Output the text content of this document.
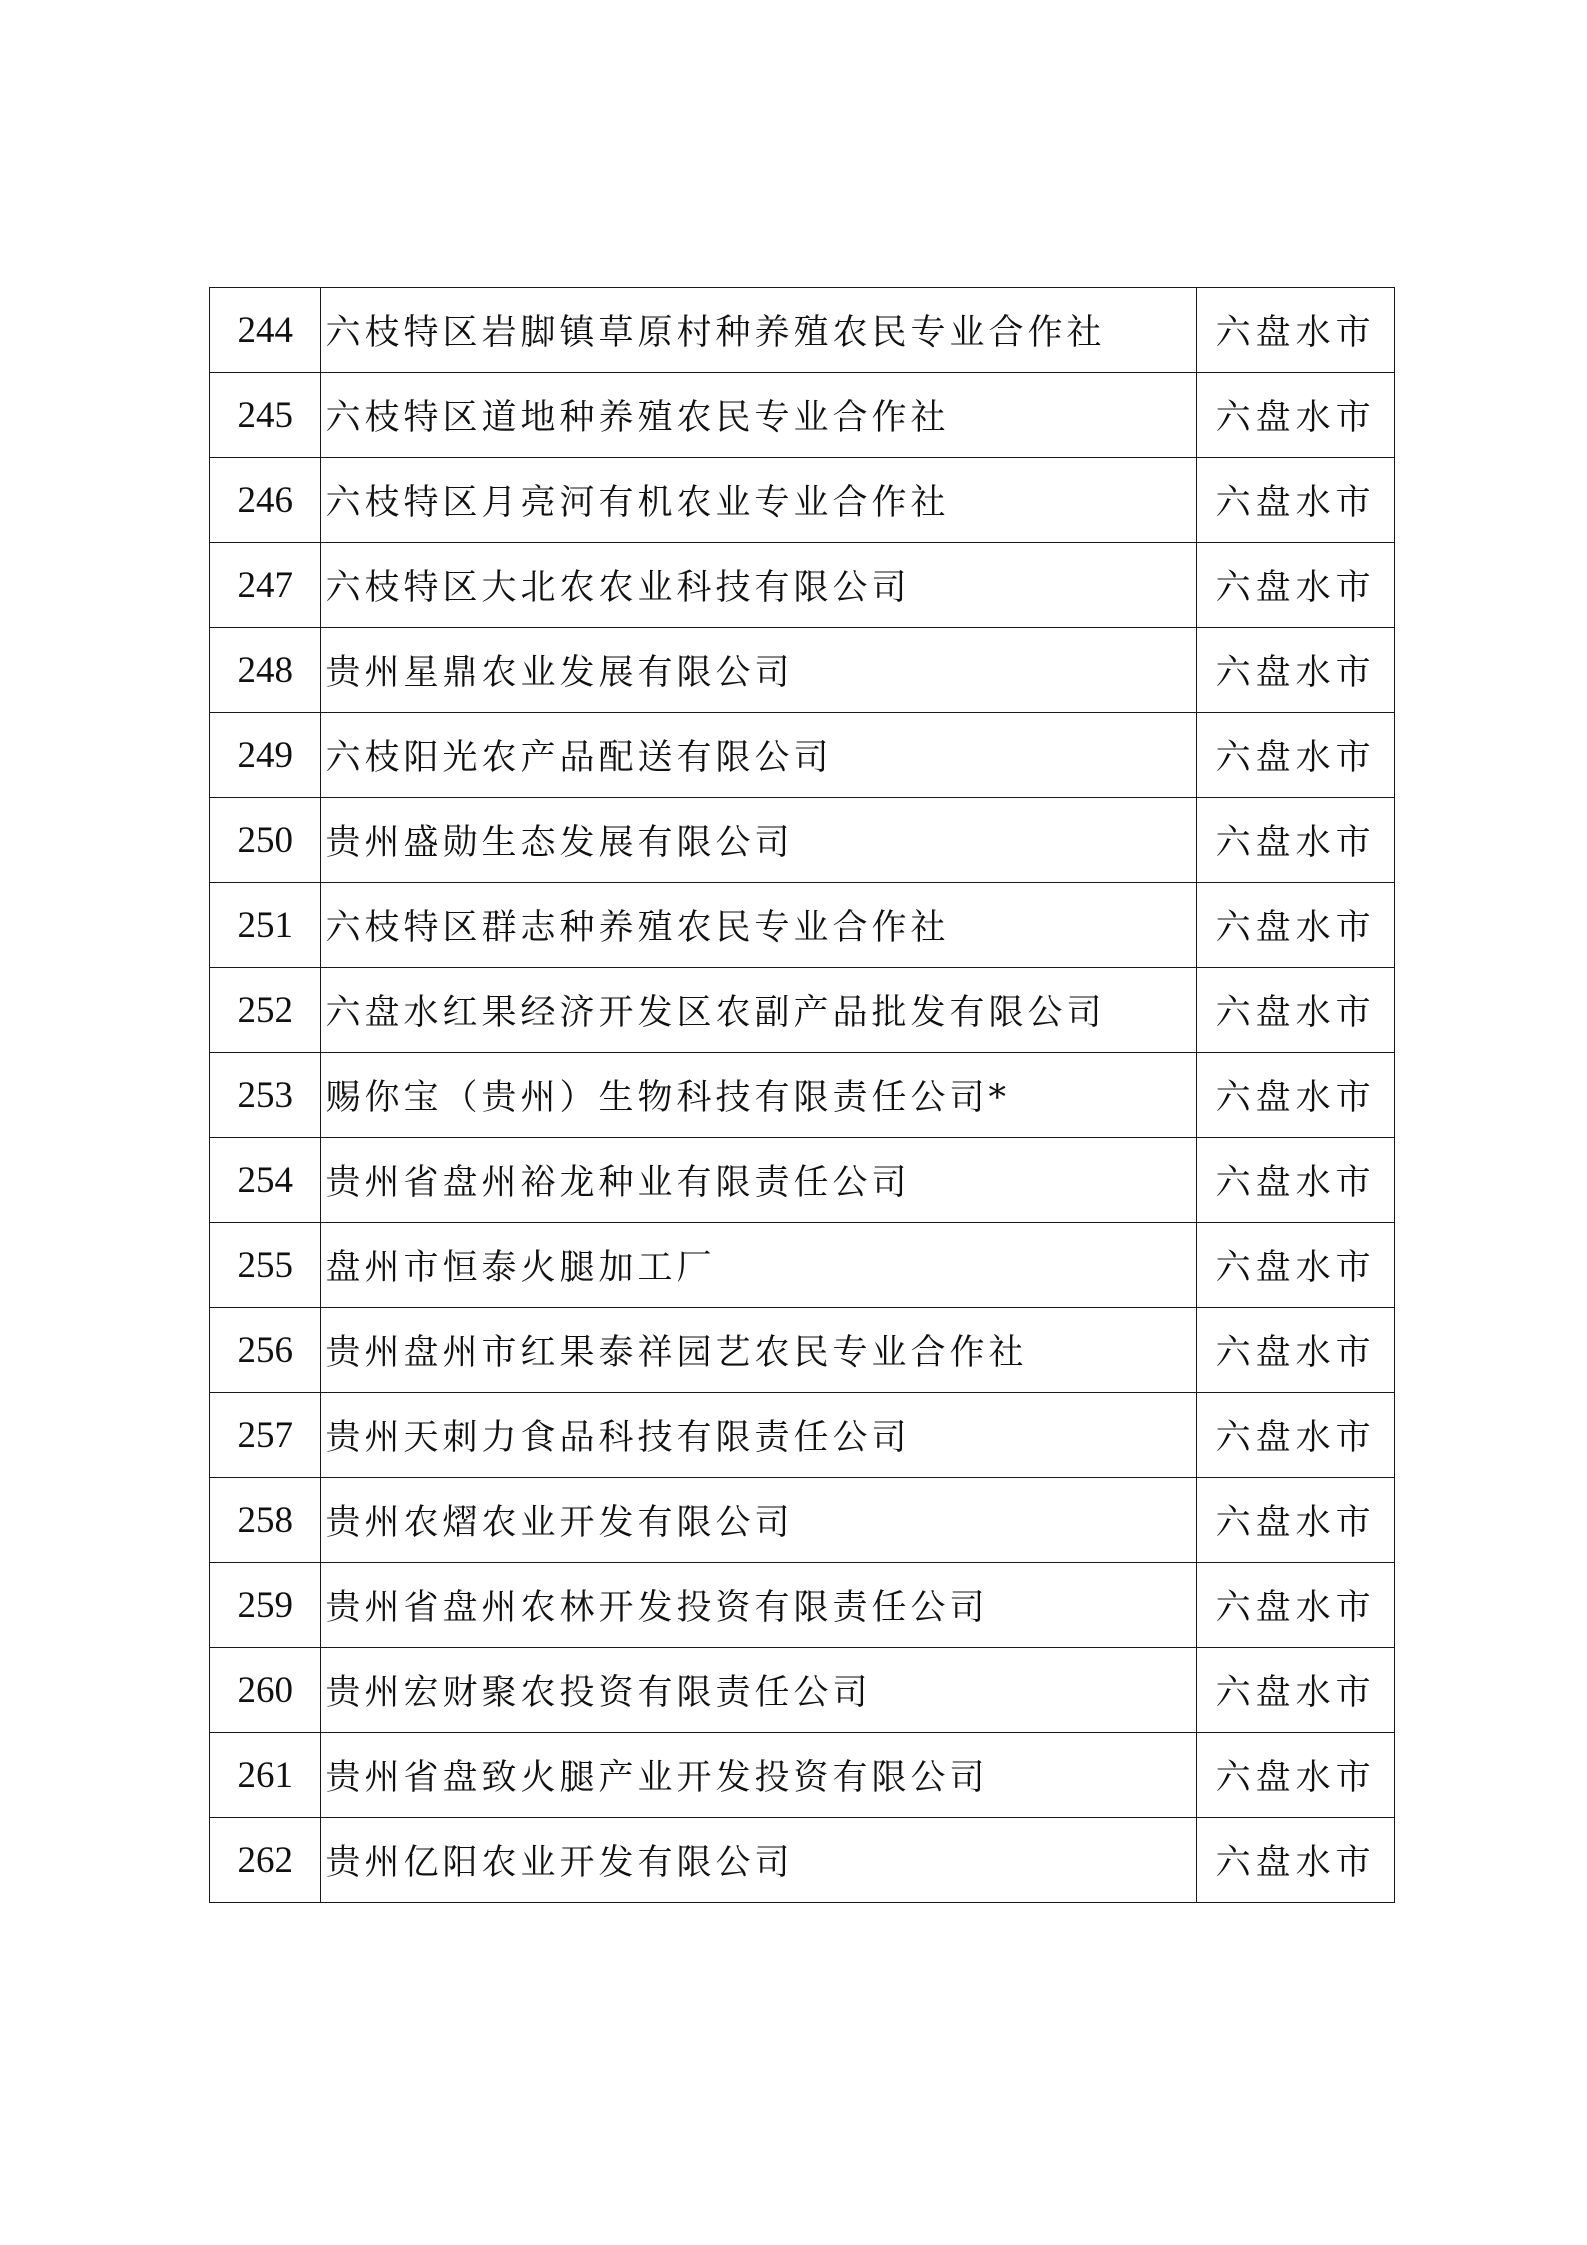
244	六枝特区岩脚镇草原村种养殖农民专业合作社	六盘水市
245	六枝特区道地种养殖农民专业合作社	六盘水市
246	六枝特区月亮河有机农业专业合作社	六盘水市
247	六枝特区大北农农业科技有限公司	六盘水市
248	贵州星鼎农业发展有限公司	六盘水市
249	六枝阳光农产品配送有限公司	六盘水市
250	贵州盛勋生态发展有限公司	六盘水市
251	六枝特区群志种养殖农民专业合作社	六盘水市
252	六盘水红果经济开发区农副产品批发有限公司	六盘水市
253	赐你宝（贵州）生物科技有限责任公司*	六盘水市
254	贵州省盘州裕龙种业有限责任公司	六盘水市
255	盘州市恒泰火腿加工厂	六盘水市
256	贵州盘州市红果泰祥园艺农民专业合作社	六盘水市
257	贵州天刺力食品科技有限责任公司	六盘水市
258	贵州农熠农业开发有限公司	六盘水市
259	贵州省盘州农林开发投资有限责任公司	六盘水市
260	贵州宏财聚农投资有限责任公司	六盘水市
261	贵州省盘致火腿产业开发投资有限公司	六盘水市
262	贵州亿阳农业开发有限公司	六盘水市
